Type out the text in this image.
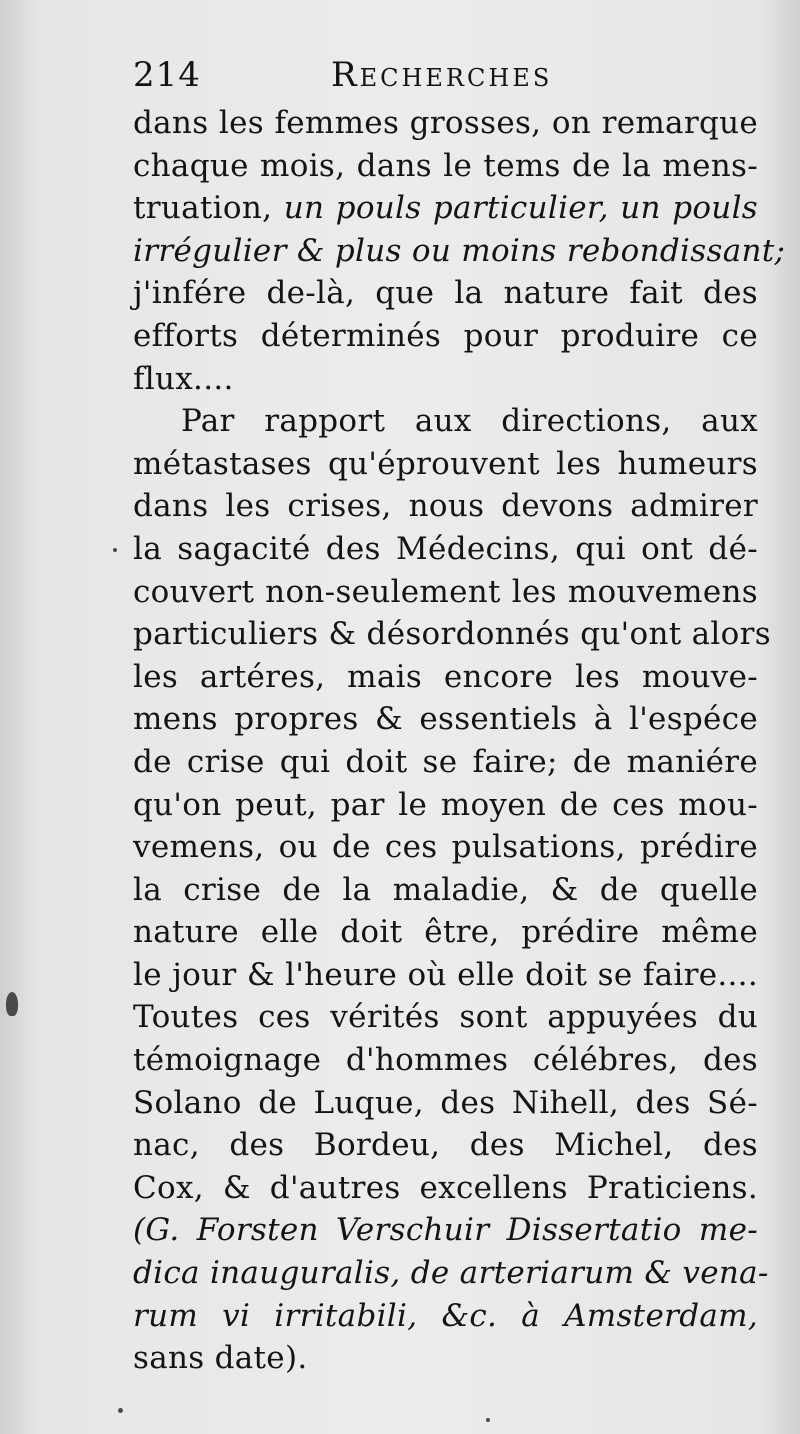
214	Recherches
dans les femmes grosses, on remarque
chaque mois, dans le tems de la mens-
truation, un pouls particulier, un pouls
irrégulier & plus ou moins rebondissant;
j'infére de-là, que la nature fait des
efforts déterminés pour produire ce
flux....
Par rapport aux directions, aux
métastases qu'éprouvent les humeurs
dans les crises, nous devons admirer
la sagacité des Médecins, qui ont dé-
couvert non-seulement les mouvemens
particuliers & désordonnés qu'ont alors
les artéres, mais encore les mouve-
mens propres & essentiels à l'espéce
de crise qui doit se faire; de maniére
qu'on peut, par le moyen de ces mou-
vemens, ou de ces pulsations, prédire
la crise de la maladie, & de quelle
nature elle doit être, prédire même
le jour & l'heure où elle doit se faire....
Toutes ces vérités sont appuyées du
témoignage d'hommes célébres, des
Solano de Luque, des Nihell, des Sé-
nac, des Bordeu, des Michel, des
Cox, & d'autres excellens Praticiens.
(G. Forsten Verschuir Dissertatio me-
dica inauguralis, de arteriarum & vena-
rum vi irritabili, &c. à Amsterdam,
sans date).
